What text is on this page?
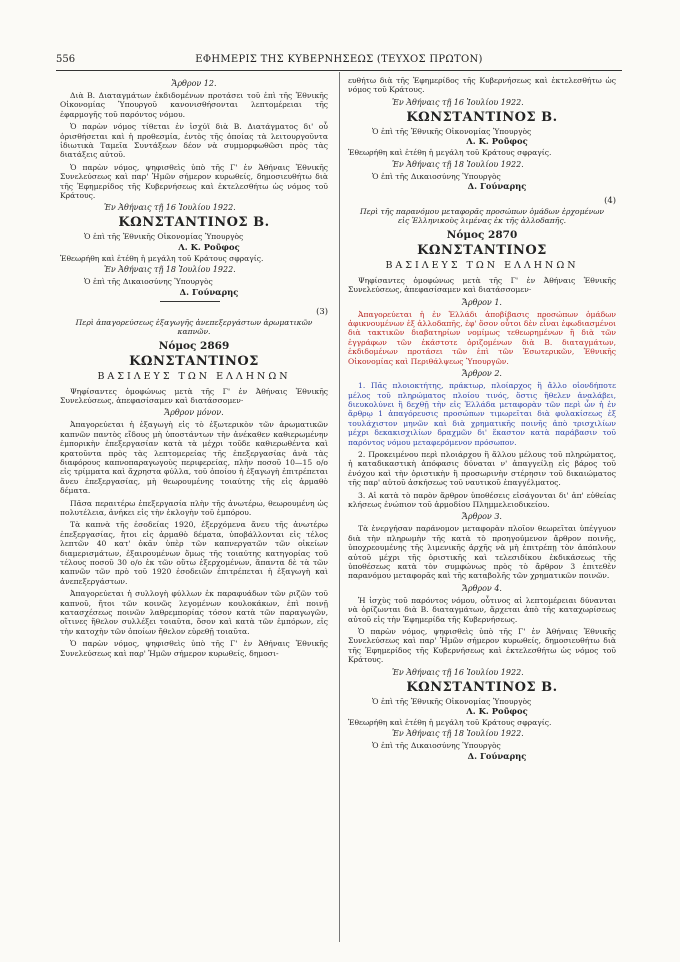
556	ΕΦΗΜΕΡΙΣ ΤΗΣ ΚΥΒΕΡΝΗΣΕΩΣ (ΤΕΥΧΟΣ ΠΡΩΤΟΝ)
Ἄρθρον 12.

Διὰ Β. Διαταγμάτων ἐκδιδομένων προτάσει τοῦ ἐπὶ τῆς Ἐθνικῆς Οἰκονομίας Ὑπουργοῦ κανονισθήσονται λεπτομέρειαι τῆς ἐφαρμογῆς τοῦ παρόντος νόμου.

Ὁ παρὼν νόμος τίθεται ἐν ἰσχύϊ διὰ Β. Διατάγματος δι' οὗ ὁρισθήσεται καὶ ἡ προθεσμία, ἐντὸς τῆς ὁποίας τὰ λειτουργοῦντα ἰδιωτικὰ Ταμεῖα Συντάξεων δέον νὰ συμμορφωθῶσι πρὸς τὰς διατάξεις αὐτοῦ.

Ὁ παρὼν νόμος, ψηφισθεὶς ὑπὸ τῆς Γ' ἐν Ἀθήναις Ἐθνικῆς Συνελεύσεως καὶ παρ' Ἡμῶν σήμερον κυρωθείς, δημοσιευθήτω διὰ τῆς Ἐφημερίδος τῆς Κυβερνήσεως καὶ ἐκτελεσθήτω ὡς νόμος τοῦ Κράτους.

Ἐν Ἀθήναις τῇ 16 Ἰουλίου 1922.
ΚΩΝΣΤΑΝΤΙΝΟΣ Β.
Ὁ ἐπὶ τῆς Ἐθνικῆς Οἰκονομίας Ὑπουργὸς
Λ. Κ. Ροῦφος
Ἐθεωρήθη καὶ ἐτέθη ἡ μεγάλη τοῦ Κράτους σφραγίς.
Ἐν Ἀθήναις τῇ 18 Ἰουλίου 1922.
Ὁ ἐπὶ τῆς Δικαιοσύνης Ὑπουργὸς
Δ. Γούναρης
(3)
Περὶ ἀπαγορεύσεως ἐξαγωγῆς ἀνεπεξεργάστων ἀρωματικῶν καπνῶν.
Νόμος 2869
ΚΩΝΣΤΑΝΤΙΝΟΣ
ΒΑΣΙΛΕΥΣ ΤΩΝ ΕΛΛΗΝΩΝ

Ψηφίσαντες ὁμοφώνως μετὰ τῆς Γ' ἐν Ἀθήναις Ἐθνικῆς Συνελεύσεως, ἀπεφασίσαμεν καὶ διατάσσομεν·

Ἄρθρον μόνον.

Ἀπαγορεύεται ἡ ἐξαγωγὴ εἰς τὸ ἐξωτερικὸν τῶν ἀρωματικῶν καπνῶν παντὸς εἴδους μὴ ὑποστάντων τὴν ἀνέκαθεν καθιερωμένην ἐμπορικὴν ἐπεξεργασίαν κατὰ τὰ μέχρι τοῦδε καθιερωθέντα καὶ κρατοῦντα πρὸς τὰς λεπτομερείας τῆς ἐπεξεργασίας ἀνὰ τὰς διαφόρους καπνοπαραγωγοὺς περιφερείας, πλὴν ποσοῦ 10—15 ο/ο εἰς τρίμματα καὶ ἄχρηστα φύλλα, τοῦ ὁποίου ἡ ἐξαγωγὴ ἐπιτρέπεται ἄνευ ἐπεξεργασίας, μὴ θεωρουμένης τοιαύτης τῆς εἰς ἀρμαθὸ δέματα.

Πᾶσα περαιτέρω ἐπεξεργασία πλὴν τῆς ἀνωτέρω, θεωρουμένη ὡς πολυτέλεια, ἀνήκει εἰς τὴν ἐκλογὴν τοῦ ἐμπόρου.

Τὰ καπνὰ τῆς ἐσοδείας 1920, ἐξερχόμενα ἄνευ τῆς ἀνωτέρω ἐπεξεργασίας, ἤτοι εἰς ἀρμαθὸ δέματα, ὑποβάλλονται εἰς τέλος λεπτῶν 40 κατ' ὀκᾶν ὑπὲρ τῶν καπνεργατῶν τῶν οἰκείων διαμερισμάτων, ἐξαιρουμένων ὅμως τῆς τοιαύτης κατηγορίας τοῦ τέλους ποσοῦ 30 ο/ο ἐκ τῶν οὕτω ἐξερχομένων, ἅπαντα δὲ τὰ τῶν καπνῶν τῶν πρὸ τοῦ 1920 ἐσοδειῶν ἐπιτρέπεται ἡ ἐξαγωγὴ καὶ ἀνεπεξεργάστων.

Ἀπαγορεύεται ἡ συλλογὴ φύλλων ἐκ παραφυάδων τῶν ριζῶν τοῦ καπνοῦ, ἤτοι τῶν κοινῶς λεγομένων κουλοκάκων, ἐπὶ ποινῇ κατασχέσεως ποινῶν λαθρεμπορίας τόσον κατὰ τῶν παραγωγῶν, οἵτινες ἤθελον συλλέξει τοιαῦτα, ὅσον καὶ κατὰ τῶν ἐμπόρων, εἰς τὴν κατοχὴν τῶν ὁποίων ἤθελον εὑρεθῇ τοιαῦτα.

Ὁ παρὼν νόμος, ψηφισθεὶς ὑπὸ τῆς Γ' ἐν Ἀθήναις Ἐθνικῆς Συνελεύσεως καὶ παρ' Ἡμῶν σήμερον κυρωθείς, δημοσι-

ευθήτω διὰ τῆς Ἐφημερίδος τῆς Κυβερνήσεως καὶ ἐκτελεσθήτω ὡς νόμος τοῦ Κράτους.

Ἐν Ἀθήναις τῇ 16 Ἰουλίου 1922.
ΚΩΝΣΤΑΝΤΙΝΟΣ Β.
Ὁ ἐπὶ τῆς Ἐθνικῆς Οἰκονομίας Ὑπουργὸς
Λ. Κ. Ροῦφος
Ἐθεωρήθη καὶ ἐτέθη ἡ μεγάλη τοῦ Κράτους σφραγίς.
Ἐν Ἀθήναις τῇ 18 Ἰουλίου 1922.
Ὁ ἐπὶ τῆς Δικαιοσύνης Ὑπουργὸς
Δ. Γούναρης
(4)
Περὶ τῆς παρανόμου μεταφορᾶς προσώπων ὁμάδων ἐρχομένων εἰς Ἑλληνικοὺς λιμένας ἐκ τῆς ἀλλοδαπῆς.
Νόμος 2870
ΚΩΝΣΤΑΝΤΙΝΟΣ
ΒΑΣΙΛΕΥΣ ΤΩΝ ΕΛΛΗΝΩΝ

Ψηφίσαντες ὁμοφώνως μετὰ τῆς Γ' ἐν Ἀθήναις Ἐθνικῆς Συνελεύσεως, ἀπεφασίσαμεν καὶ διατάσσομεν·

Ἄρθρον 1.

Ἀπαγορεύεται ἡ ἐν Ἑλλάδι ἀποβίβασις προσώπων ὁμάδων ἀφικνουμένων ἐξ ἀλλοδαπῆς, ἐφ' ὅσον οὗτοι δὲν εἶναι ἐφωδιασμένοι διὰ τακτικῶν διαβατηρίων νομίμως τεθεωρημένων ἢ διὰ τῶν ἐγγράφων τῶν ἑκάστοτε ὁριζομένων διὰ Β. διαταγμάτων, ἐκδιδομένων προτάσει τῶν ἐπὶ τῶν Ἐσωτερικῶν, Ἐθνικῆς Οἰκονομίας καὶ Περιθάλψεως Ὑπουργῶν.

Ἄρθρον 2.

1. Πᾶς πλοιοκτήτης, πράκτωρ, πλοίαρχος ἢ ἄλλο οἱονδήποτε μέλος τοῦ πληρώματος πλοίου τινός, ὅστις ἤθελεν ἀναλάβει, διευκολύνει ἢ δεχθῇ τὴν εἰς Ἑλλάδα μεταφορὰν τῶν περὶ ὧν ἡ ἐν ἄρθρῳ 1 ἀπαγόρευσις προσώπων τιμωρεῖται διὰ φυλακίσεως ἐξ τουλάχιστον μηνῶν καὶ διὰ χρηματικῆς ποινῆς ἀπὸ τρισχιλίων μέχρι δεκακισχιλίων δραχμῶν δι' ἕκαστον κατὰ παράβασιν τοῦ παρόντος νόμου μεταφερόμενον πρόσωπον.

2. Προκειμένου περὶ πλοιάρχου ἢ ἄλλου μέλους τοῦ πληρώματος, ἡ καταδικαστικὴ ἀπόφασις δύναται ν' ἀπαγγείλῃ εἰς βάρος τοῦ ἐνόχου καὶ τὴν ὁριστικὴν ἢ προσωρινὴν στέρησιν τοῦ δικαιώματος τῆς παρ' αὐτοῦ ἀσκήσεως τοῦ ναυτικοῦ ἐπαγγέλματος.

3. Αἱ κατὰ τὸ παρὸν ἄρθρον ὑποθέσεις εἰσάγονται δι' ἀπ' εὐθείας κλήσεως ἐνώπιον τοῦ ἁρμοδίου Πλημμελειοδικείου.

Ἄρθρον 3.

Τὰ ἐνεργήσαν παράνομον μεταφορὰν πλοῖον θεωρεῖται ὑπέγγυον διὰ τὴν πληρωμὴν τῆς κατὰ τὸ προηγούμενον ἄρθρον ποινῆς, ὑποχρεουμένης τῆς λιμενικῆς ἀρχῆς νὰ μὴ ἐπιτρέπῃ τὸν ἀπόπλουν αὐτοῦ μέχρι τῆς ὁριστικῆς καὶ τελεσιδίκου ἐκδικάσεως τῆς ὑποθέσεως κατὰ τὸν συμφώνως πρὸς τὸ ἄρθρον 3 ἐπιτεθὲν παρανόμου μεταφορᾶς καὶ τῆς καταβολῆς τῶν χρηματικῶν ποινῶν.

Ἄρθρον 4.

Ἡ ἰσχὺς τοῦ παρόντος νόμου, οὗτινος αἱ λεπτομέρειαι δύνανται νὰ ὁρίζωνται διὰ Β. διαταγμάτων, ἄρχεται ἀπὸ τῆς καταχωρίσεως αὐτοῦ εἰς τὴν Ἐφημερίδα τῆς Κυβερνήσεως.

Ὁ παρὼν νόμος, ψηφισθεὶς ὑπὸ τῆς Γ' ἐν Ἀθήναις Ἐθνικῆς Συνελεύσεως καὶ παρ' Ἡμῶν σήμερον κυρωθείς, δημοσιευθήτω διὰ τῆς Ἐφημερίδος τῆς Κυβερνήσεως καὶ ἐκτελεσθήτω ὡς νόμος τοῦ Κράτους.

Ἐν Ἀθήναις τῇ 16 Ἰουλίου 1922.
ΚΩΝΣΤΑΝΤΙΝΟΣ Β.
Ὁ ἐπὶ τῆς Ἐθνικῆς Οἰκονομίας Ὑπουργὸς
Λ. Κ. Ροῦφος
Ἐθεωρήθη καὶ ἐτέθη ἡ μεγάλη τοῦ Κράτους σφραγίς.
Ἐν Ἀθήναις τῇ 18 Ἰουλίου 1922.
Ὁ ἐπὶ τῆς Δικαιοσύνης Ὑπουργὸς
Δ. Γούναρης
